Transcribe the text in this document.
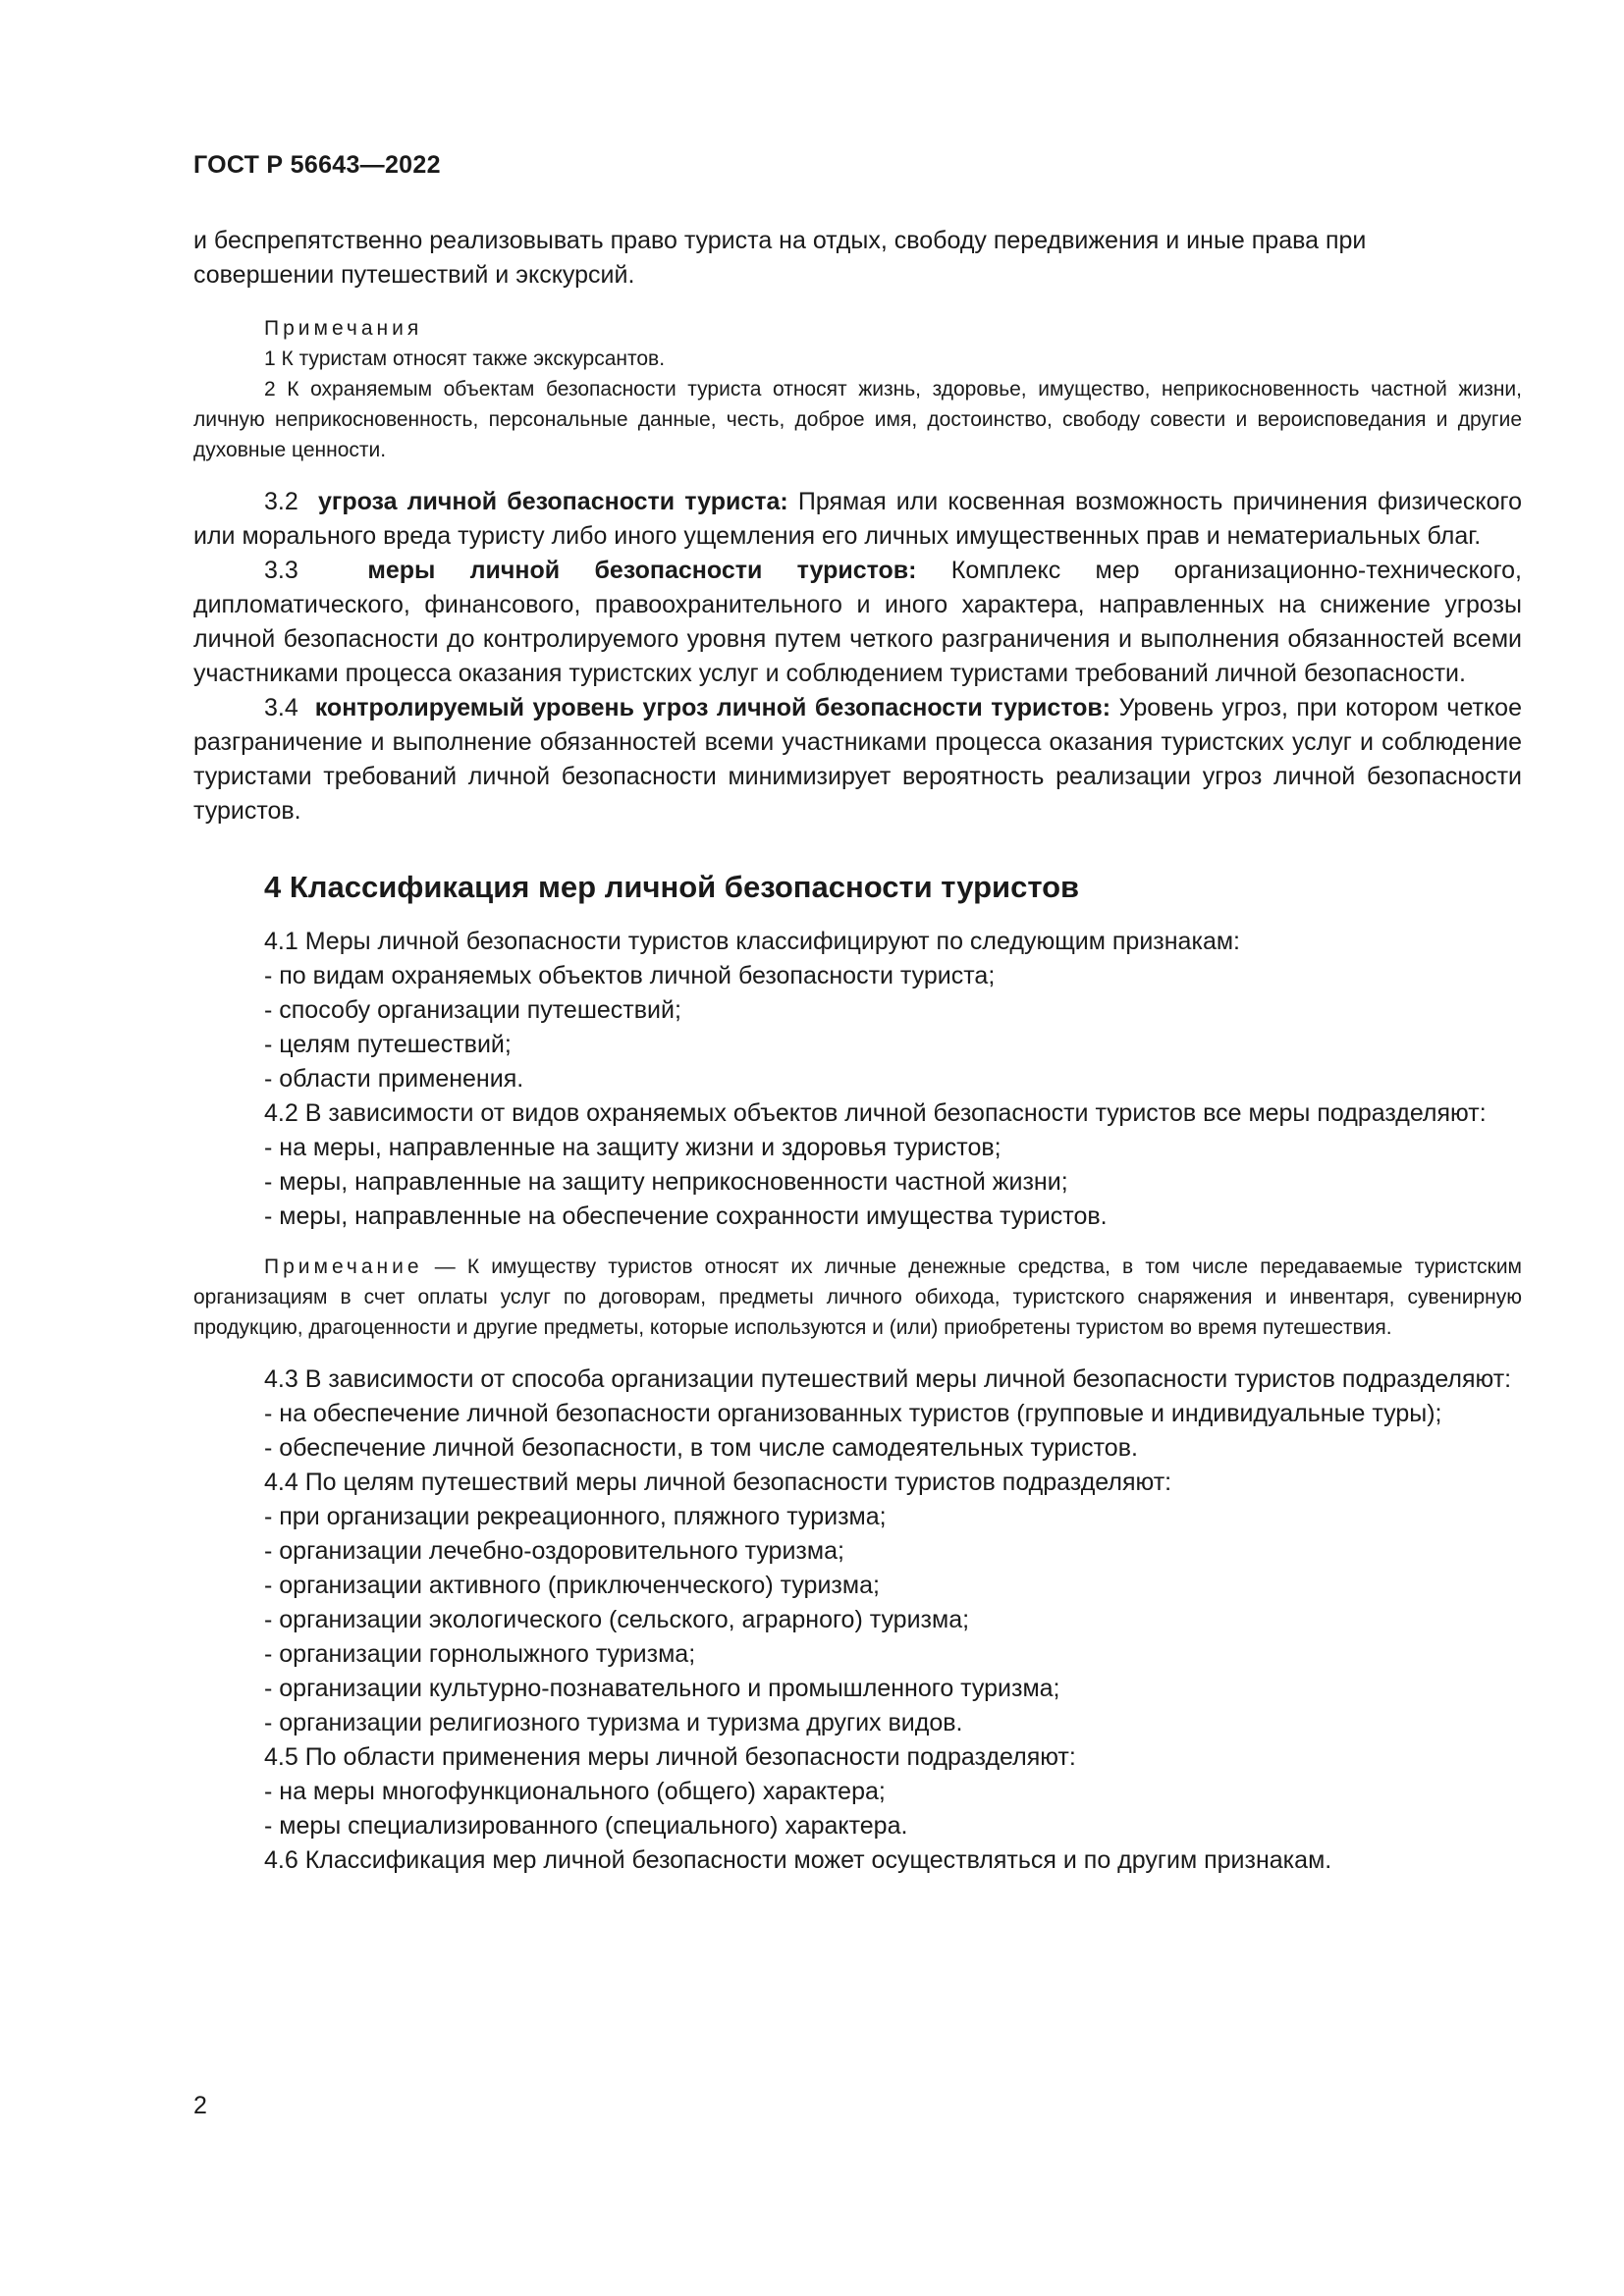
ГОСТ Р 56643—2022

и беспрепятственно реализовывать право туриста на отдых, свободу передвижения и иные права при

совершении путешествий и экскурсий.

Примечания

1 К туристам относят также экскурсантов.

2 К охраняемым объектам безопасности туриста относят жизнь, здоровье, имущество, неприкосновенность частной жизни, личную неприкосновенность, персональные данные, честь, доброе имя, достоинство, свободу совести и вероисповедания и другие духовные ценности.

3.2 угроза личной безопасности туриста: Прямая или косвенная возможность причинения физического или морального вреда туристу либо иного ущемления его личных имущественных прав и нематериальных благ.

3.3	меры личной безопасности туристов: Комплекс мер организационно-технического, дипломатического, финансового, правоохранительного и иного характера, направленных на снижение угрозы личной безопасности до контролируемого уровня путем четкого разграничения и выполнения обязанностей всеми участниками процесса оказания туристских услуг и соблюдением туристами требований личной безопасности.

3.4 контролируемый уровень угроз личной безопасности туристов: Уровень угроз, при котором четкое разграничение и выполнение обязанностей всеми участниками процесса оказания туристских услуг и соблюдение туристами требований личной безопасности минимизирует вероятность реализации угроз личной безопасности туристов.

4 Классификация мер личной безопасности туристов

4.1 Меры личной безопасности туристов классифицируют по следующим признакам:

- по видам охраняемых объектов личной безопасности туриста;

- способу организации путешествий;

- целям путешествий;

- области применения.

4.2 В зависимости от видов охраняемых объектов личной безопасности туристов все меры подразделяют:

- на меры, направленные на защиту жизни и здоровья туристов;

- меры, направленные на защиту неприкосновенности частной жизни;

- меры, направленные на обеспечение сохранности имущества туристов.

Примечание — К имуществу туристов относят их личные денежные средства, в том числе передаваемые туристским организациям в счет оплаты услуг по договорам, предметы личного обихода, туристского снаряжения и инвентаря, сувенирную продукцию, драгоценности и другие предметы, которые используются и (или) приобретены туристом во время путешествия.

4.3 В зависимости от способа организации путешествий меры личной безопасности туристов подразделяют:

- на обеспечение личной безопасности организованных туристов (групповые и индивидуальные туры);

- обеспечение личной безопасности, в том числе самодеятельных туристов.

4.4 По целям путешествий меры личной безопасности туристов подразделяют:

- при организации рекреационного, пляжного туризма;

- организации лечебно-оздоровительного туризма;

- организации активного (приключенческого) туризма;

- организации экологического (сельского, аграрного) туризма;

- организации горнолыжного туризма;

- организации культурно-познавательного и промышленного туризма;

- организации религиозного туризма и туризма других видов.

4.5 По области применения меры личной безопасности подразделяют:

- на меры многофункционального (общего) характера;

- меры специализированного (специального) характера.

4.6 Классификация мер личной безопасности может осуществляться и по другим признакам.

2
